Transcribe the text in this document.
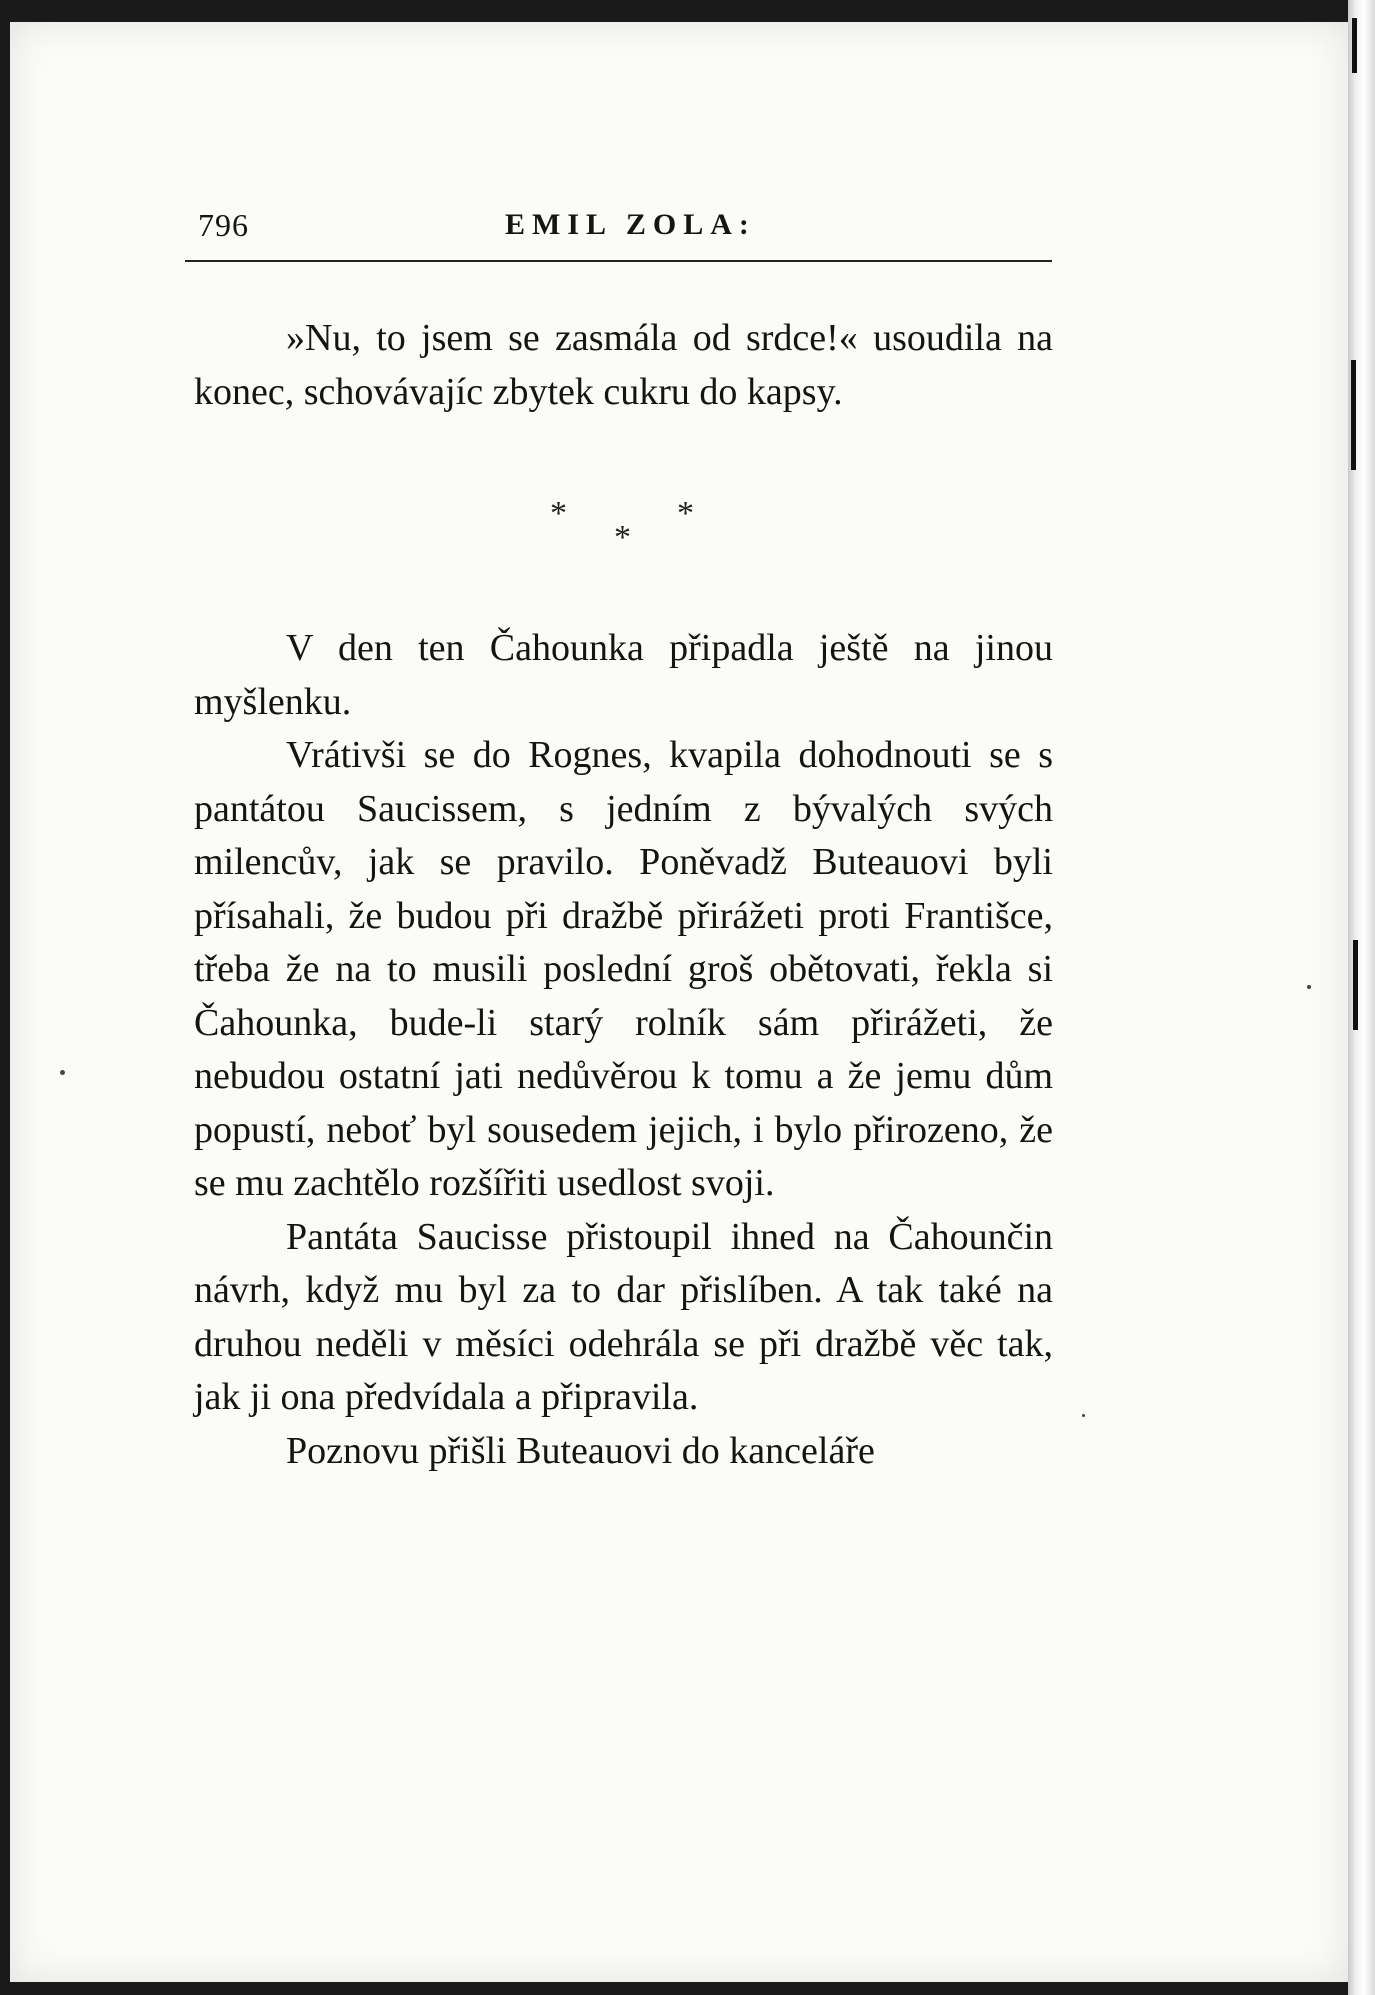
796	EMIL ZOLA:

»Nu, to jsem se zasmála od srdce!« usoudila na konec, schovávajíc zbytek cukru do kapsy.

*
*
*

V den ten Čahounka připadla ještě na jinou myšlenku.

Vrátivši se do Rognes, kvapila dohodnouti se s pantátou Saucissem, s jedním z bývalých svých milencův, jak se pravilo. Poněvadž Buteauovi byli přísahali, že budou při dražbě přirážeti proti Františce, třeba že na to musili poslední groš obětovati, řekla si Čahounka, bude-li starý rolník sám přirážeti, že nebudou ostatní jati nedůvěrou k tomu a že jemu dům popustí, neboť byl sousedem jejich, i bylo přirozeno, že se mu zachtělo rozšířiti usedlost svoji.

Pantáta Saucisse přistoupil ihned na Čahounčin návrh, když mu byl za to dar přislíben. A tak také na druhou neděli v měsíci odehrála se při dražbě věc tak, jak ji ona předvídala a připravila.

Poznovu přišli Buteauovi do kanceláře
